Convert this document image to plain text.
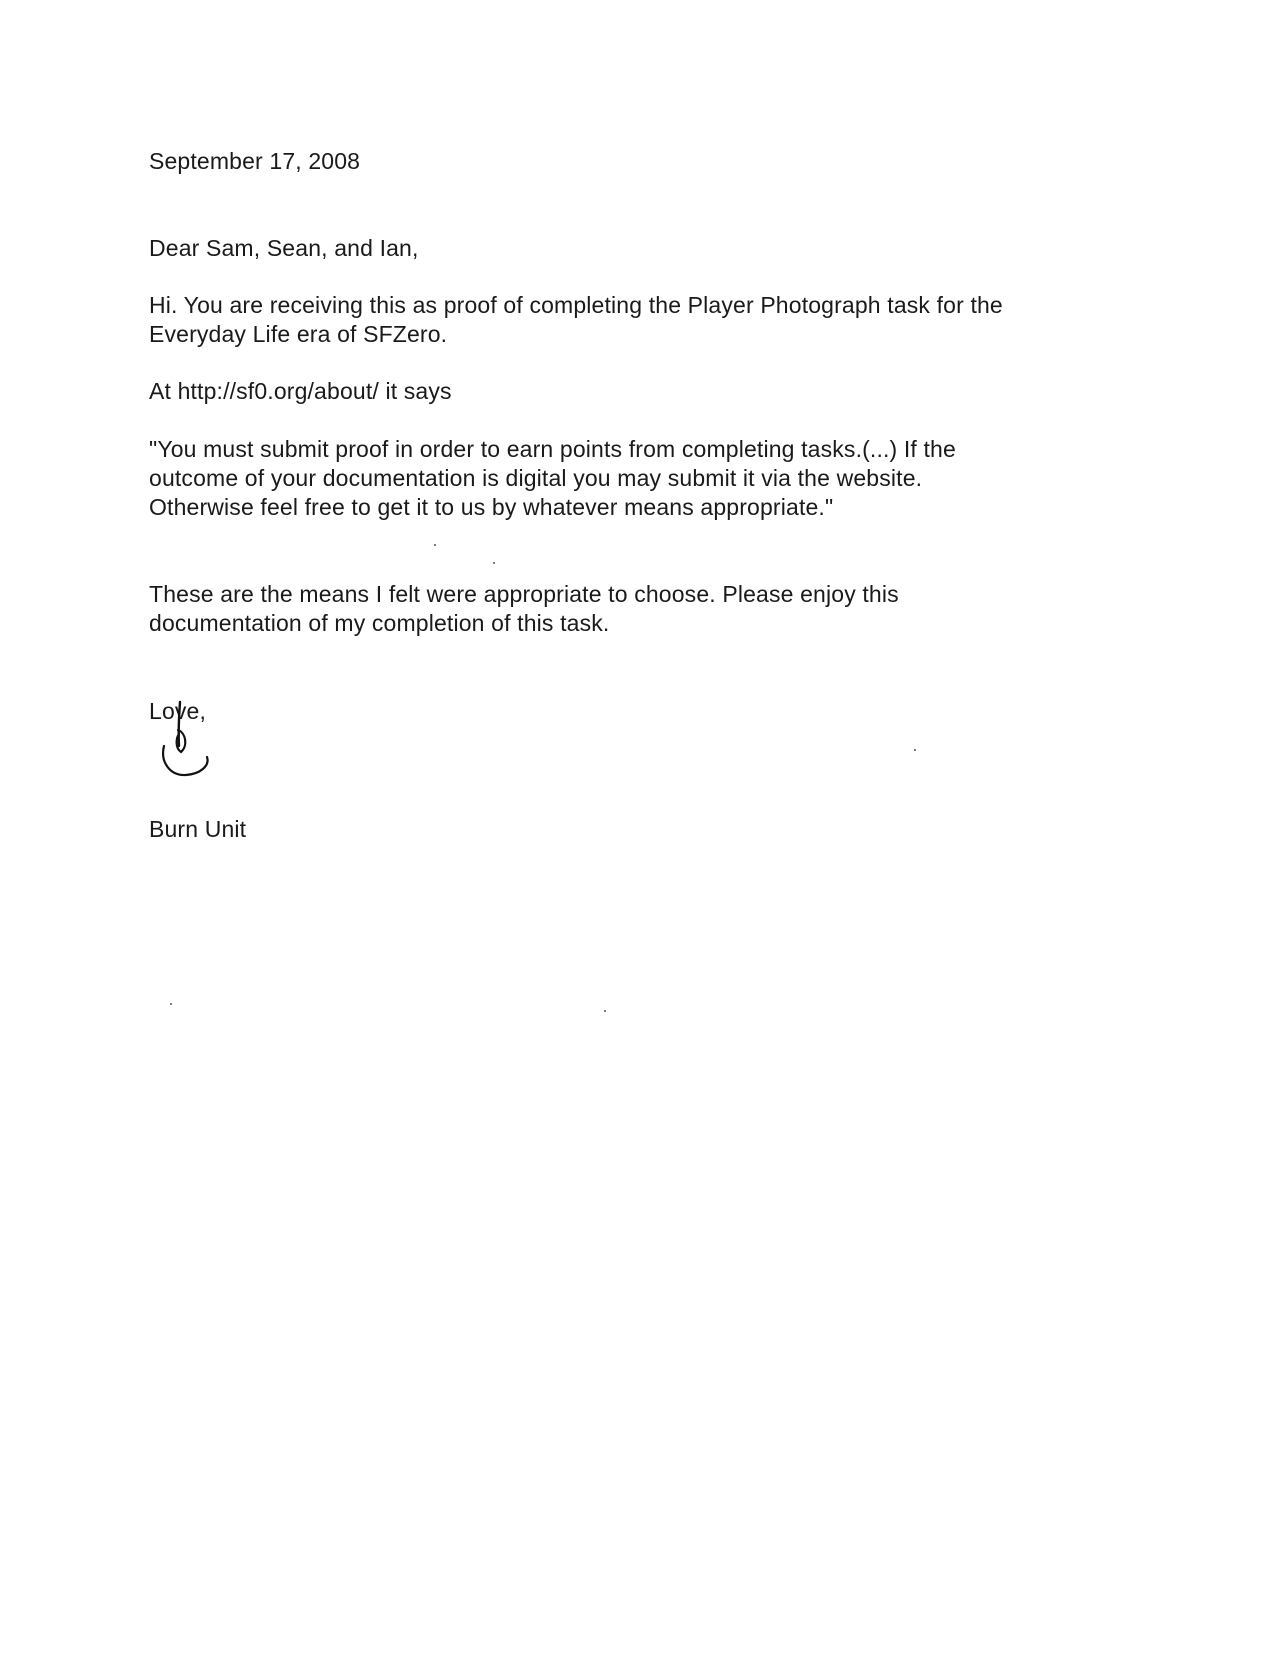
September 17, 2008
Dear Sam, Sean, and Ian,
Hi. You are receiving this as proof of completing the Player Photograph task for the
Everyday Life era of SFZero.
At http://sf0.org/about/ it says
"You must submit proof in order to earn points from completing tasks.(...) If the
outcome of your documentation is digital you may submit it via the website.
Otherwise feel free to get it to us by whatever means appropriate."
These are the means I felt were appropriate to choose. Please enjoy this
documentation of my completion of this task.
Love,
Burn Unit
